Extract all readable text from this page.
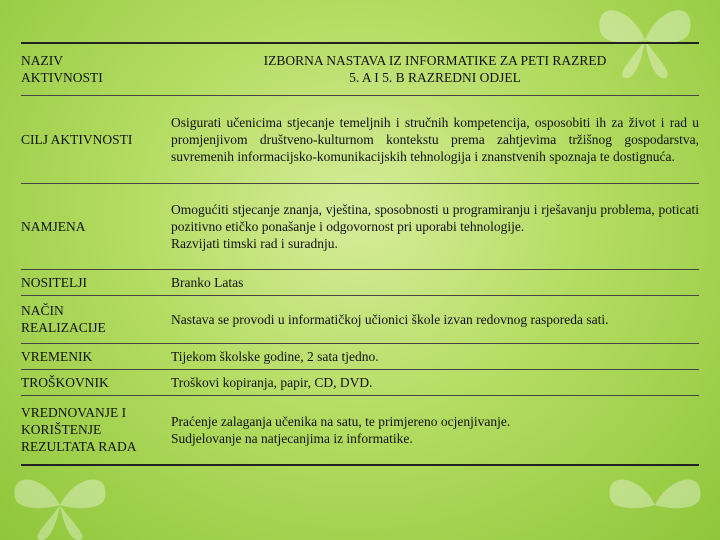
NAZIV
AKTIVNOSTI	IZBORNA NASTAVA IZ INFORMATIKE ZA PETI RAZRED
5. A I 5. B RAZREDNI ODJEL

CILJ AKTIVNOSTI	Osigurati učenicima stjecanje temeljnih i stručnih kompetencija, osposobiti ih za život i rad u promjenjivom društveno-kulturnom kontekstu prema zahtjevima tržišnog gospodarstva, suvremenih informacijsko-komunikacijskih tehnologija i znanstvenih spoznaja te dostignuća.
NAMJENA	Omogućiti stjecanje znanja, vještina, sposobnosti u programiranju i rješavanju problema, poticati pozitivno etičko ponašanje i odgovornost pri uporabi tehnologije.
Razvijati timski rad i suradnju.

NOSITELJI	Branko Latas

NAČIN
REALIZACIJE	Nastava se provodi u informatičkoj učionici škole izvan redovnog rasporeda sati.
VREMENIK	Tijekom školske godine, 2 sata tjedno.
TROŠKOVNIK	Troškovi kopiranja, papir, CD, DVD.

VREDNOVANJE I
KORIŠTENJE
REZULTATA RADA	Praćenje zalaganja učenika na satu, te primjereno ocjenjivanje.
Sudjelovanje na natjecanjima iz informatike.
